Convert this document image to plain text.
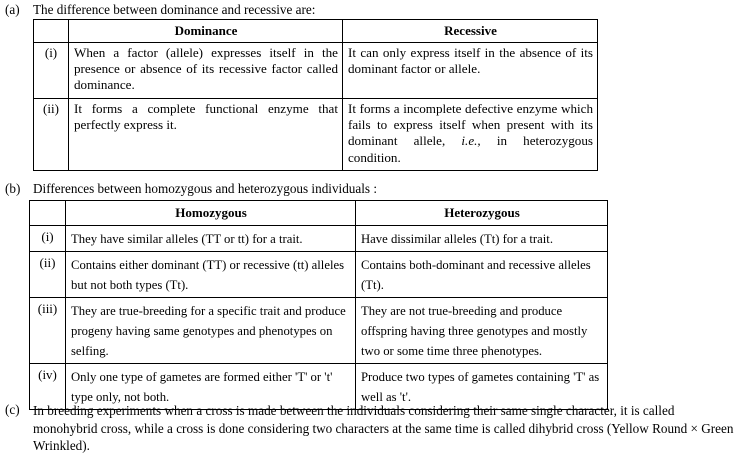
(a)	The difference between dominance and recessive are:
	Dominance	Recessive
(i)	When a factor (allele) expresses itself in the presence or absence of its recessive factor called dominance.	It can only express itself in the absence of its dominant factor or allele.
(ii)	It forms a complete functional enzyme that perfectly express it.	It forms a incomplete defective enzyme which fails to express itself when present with its dominant allele, i.e., in heterozygous condition.
(b) Differences between homozygous and heterozygous individuals :
	Homozygous	Heterozygous
(i)	They have similar alleles (TT or tt) for a trait.	Have dissimilar alleles (Tt) for a trait.
(ii)	Contains either dominant (TT) or recessive (tt) alleles but not both types (Tt).	Contains both-dominant and recessive alleles (Tt).
(iii)	They are true-breeding for a specific trait and produce progeny having same genotypes and phenotypes on selfing.	They are not true-breeding and produce offspring having three genotypes and mostly two or some time three phenotypes.
(iv)	Only one type of gametes are formed either 'T' or 't' type only, not both.	Produce two types of gametes containing 'T' as well as 't'.
(c)	In breeding experiments when a cross is made between the individuals considering their same single character, it is called monohybrid cross, while a cross is done considering two characters at the same time is called dihybrid cross (Yellow Round × Green Wrinkled).
